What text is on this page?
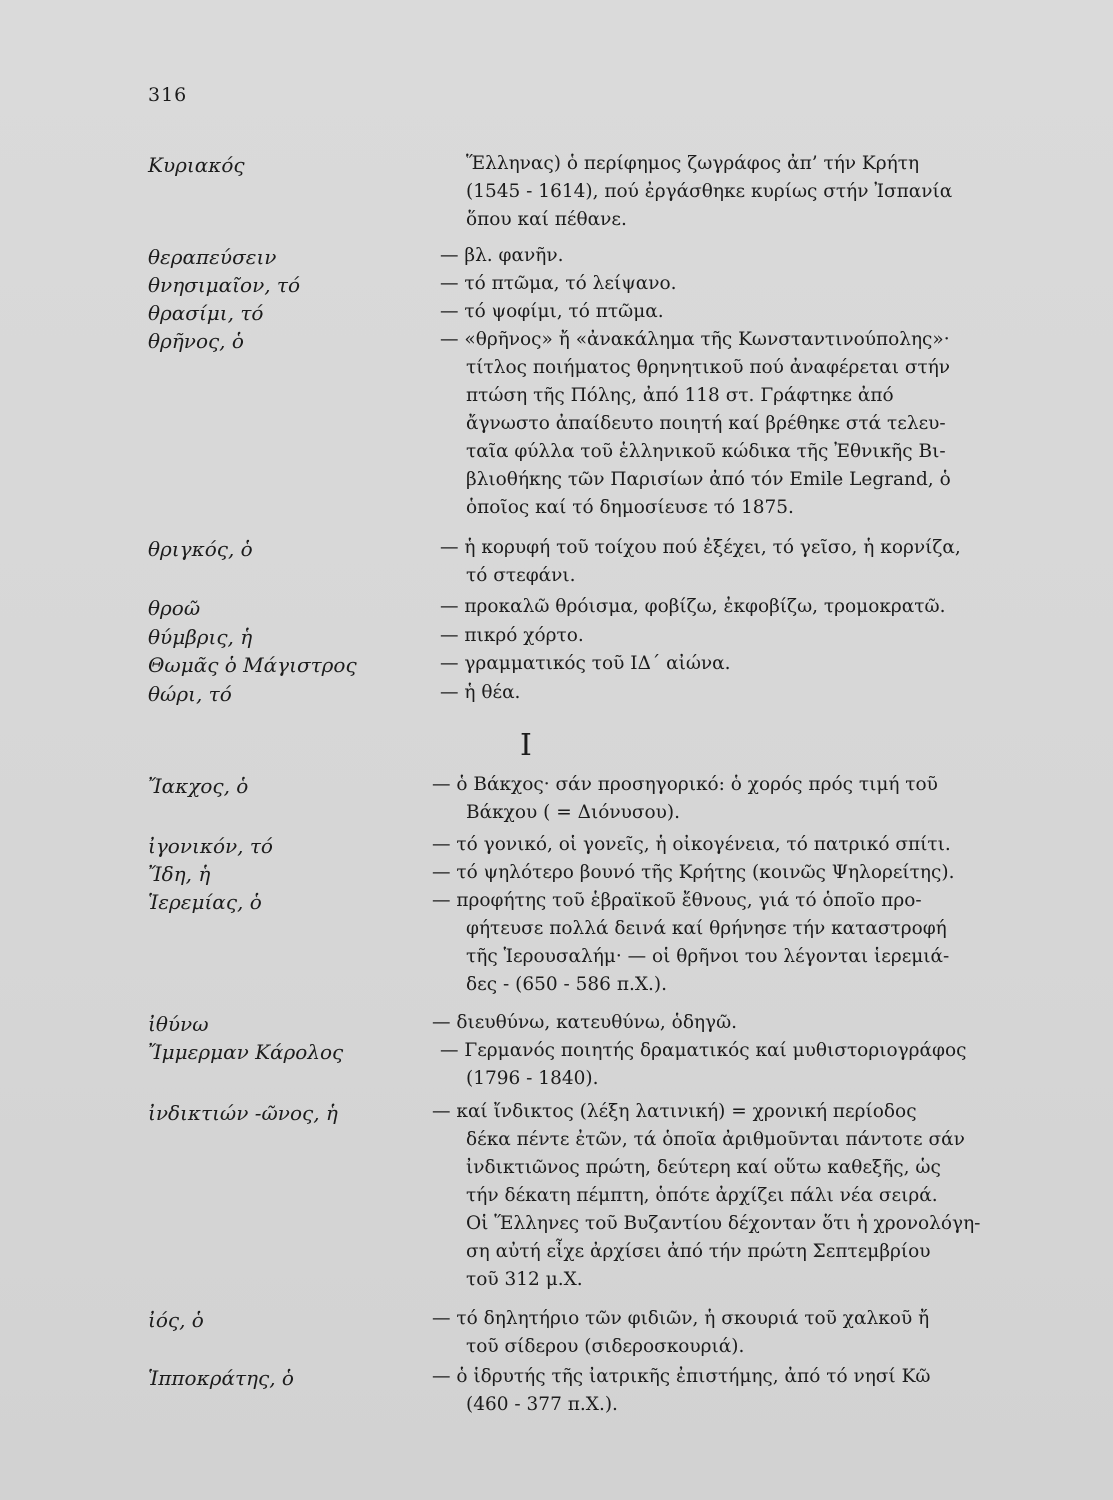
316
Ι
Κυριακός	Ἕλληνας) ὁ περίφημος ζωγράφος ἀπ’ τήν Κρήτη
(1545 - 1614), πού ἐργάσθηκε κυρίως στήν Ἰσπανία
ὅπου καί πέθανε.
θεραπεύσειν	— βλ. φανῆν.
θνησιμαῖον, τό	— τό πτῶμα, τό λείψανο.
θρασίμι, τό	— τό ψοφίμι, τό πτῶμα.
θρῆνος, ὁ	— «θρῆνος» ἤ «ἀνακάλημα τῆς Κωνσταντινούπολης»·
τίτλος ποιήματος θρηνητικοῦ πού ἀναφέρεται στήν
πτώση τῆς Πόλης, ἀπό 118 στ. Γράφτηκε ἀπό
ἄγνωστο ἀπαίδευτο ποιητή καί βρέθηκε στά τελευ-
ταῖα φύλλα τοῦ ἑλληνικοῦ κώδικα τῆς Ἐθνικῆς Βι-
βλιοθήκης τῶν Παρισίων ἀπό τόν Emile Legrand, ὁ
ὁποῖος καί τό δημοσίευσε τό 1875.
θριγκός, ὁ	— ἡ κορυφή τοῦ τοίχου πού ἐξέχει, τό γεῖσο, ἡ κορνίζα,
τό στεφάνι.
θροῶ	— προκαλῶ θρόισμα, φοβίζω, ἐκφοβίζω, τρομοκρατῶ.
θύμβρις, ἡ	— πικρό χόρτο.
Θωμᾶς ὁ Μάγιστρος	— γραμματικός τοῦ ΙΔ΄ αἰώνα.
θώρι, τό	— ἡ θέα.
Ἴακχος, ὁ	— ὁ Βάκχος· σάν προσηγορικό: ὁ χορός πρός τιμή τοῦ
Βάκχου ( = Διόνυσου).
ἰγονικόν, τό	— τό γονικό, οἱ γονεῖς, ἡ οἰκογένεια, τό πατρικό σπίτι.
Ἴδη, ἡ	— τό ψηλότερο βουνό τῆς Κρήτης (κοινῶς Ψηλορείτης).
Ἱερεμίας, ὁ	— προφήτης τοῦ ἑβραϊκοῦ ἔθνους, γιά τό ὁποῖο προ-
φήτευσε πολλά δεινά καί θρήνησε τήν καταστροφή
τῆς Ἱερουσαλήμ· — οἱ θρῆνοι του λέγονται ἱερεμιά-
δες - (650 - 586 π.Χ.).
ἰθύνω	— διευθύνω, κατευθύνω, ὁδηγῶ.
Ἴμμερμαν Κάρολος	— Γερμανός ποιητής δραματικός καί μυθιστοριογράφος
(1796 - 1840).
ἰνδικτιών -ῶνος, ἡ	— καί ἴνδικτος (λέξη λατινική) = χρονική περίοδος
δέκα πέντε ἐτῶν, τά ὁποῖα ἀριθμοῦνται πάντοτε σάν
ἰνδικτιῶνος πρώτη, δεύτερη καί οὕτω καθεξῆς, ὡς
τήν δέκατη πέμπτη, ὁπότε ἀρχίζει πάλι νέα σειρά.
Οἱ Ἕλληνες τοῦ Βυζαντίου δέχονταν ὅτι ἡ χρονολόγη-
ση αὐτή εἶχε ἀρχίσει ἀπό τήν πρώτη Σεπτεμβρίου
τοῦ 312 μ.Χ.
ἰός, ὁ	— τό δηλητήριο τῶν φιδιῶν, ἡ σκουριά τοῦ χαλκοῦ ἤ
τοῦ σίδερου (σιδεροσκουριά).
Ἱπποκράτης, ὁ	— ὁ ἱδρυτής τῆς ἰατρικῆς ἐπιστήμης, ἀπό τό νησί Κῶ
(460 - 377 π.Χ.).
